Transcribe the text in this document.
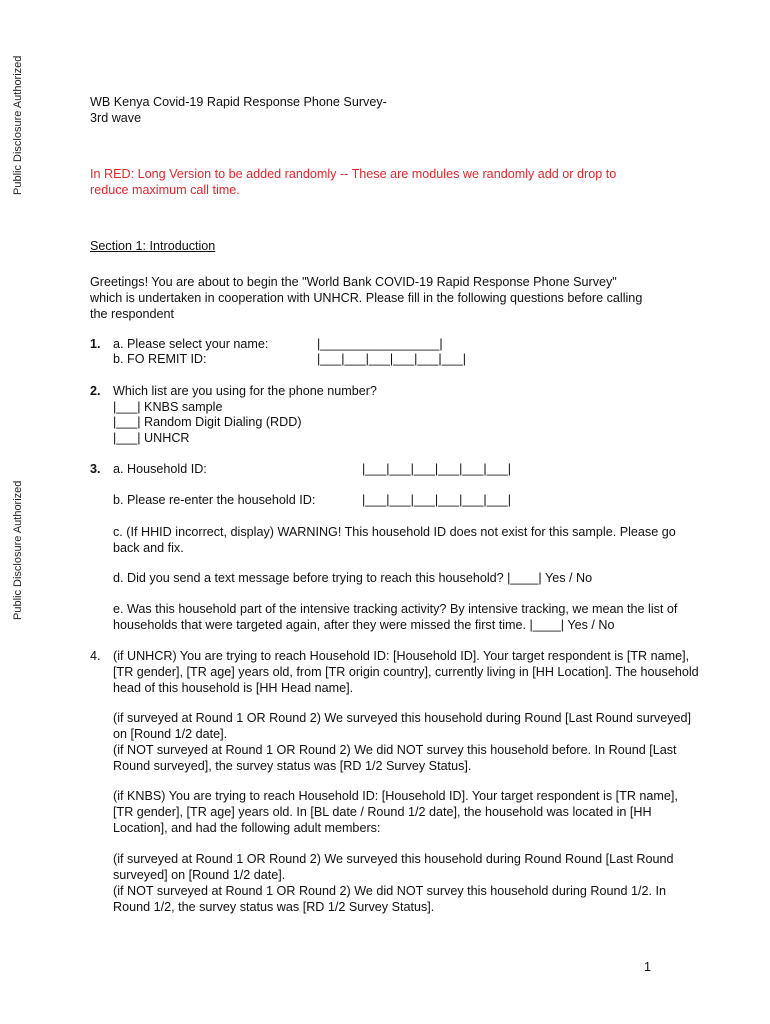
Public Disclosure Authorized
Public Disclosure Authorized
WB Kenya Covid-19 Rapid Response Phone Survey-
3rd wave
In RED: Long Version to be added randomly -- These are modules we randomly add or drop to
reduce maximum call time.
Section 1: Introduction
Greetings! You are about to begin the "World Bank COVID-19 Rapid Response Phone Survey"
which is undertaken in cooperation with UNHCR. Please fill in the following questions before calling
the respondent
1. a. Please select your name:	|_________________|
b. FO REMIT ID:	|___|___|___|___|___|___|
2. Which list are you using for the phone number?
|___| KNBS sample
|___| Random Digit Dialing (RDD)
|___| UNHCR
3. a. Household ID:	|___|___|___|___|___|___|
b. Please re-enter the household ID:	|___|___|___|___|___|___|
c. (If HHID incorrect, display) WARNING! This household ID does not exist for this sample. Please go
back and fix.
d. Did you send a text message before trying to reach this household? |____| Yes / No
e. Was this household part of the intensive tracking activity? By intensive tracking, we mean the list of
households that were targeted again, after they were missed the first time. |____| Yes / No
4. (if UNHCR) You are trying to reach Household ID: [Household ID]. Your target respondent is [TR name],
[TR gender], [TR age] years old, from [TR origin country], currently living in [HH Location]. The household
head of this household is [HH Head name].
(if surveyed at Round 1 OR Round 2) We surveyed this household during Round [Last Round surveyed]
on [Round 1/2 date].
(if NOT surveyed at Round 1 OR Round 2) We did NOT survey this household before. In Round [Last
Round surveyed], the survey status was [RD 1/2 Survey Status].
(if KNBS) You are trying to reach Household ID: [Household ID]. Your target respondent is [TR name],
[TR gender], [TR age] years old. In [BL date / Round 1/2 date], the household was located in [HH
Location], and had the following adult members:
(if surveyed at Round 1 OR Round 2) We surveyed this household during Round Round [Last Round
surveyed] on [Round 1/2 date].
(if NOT surveyed at Round 1 OR Round 2) We did NOT survey this household during Round 1/2. In
Round 1/2, the survey status was [RD 1/2 Survey Status].
1
